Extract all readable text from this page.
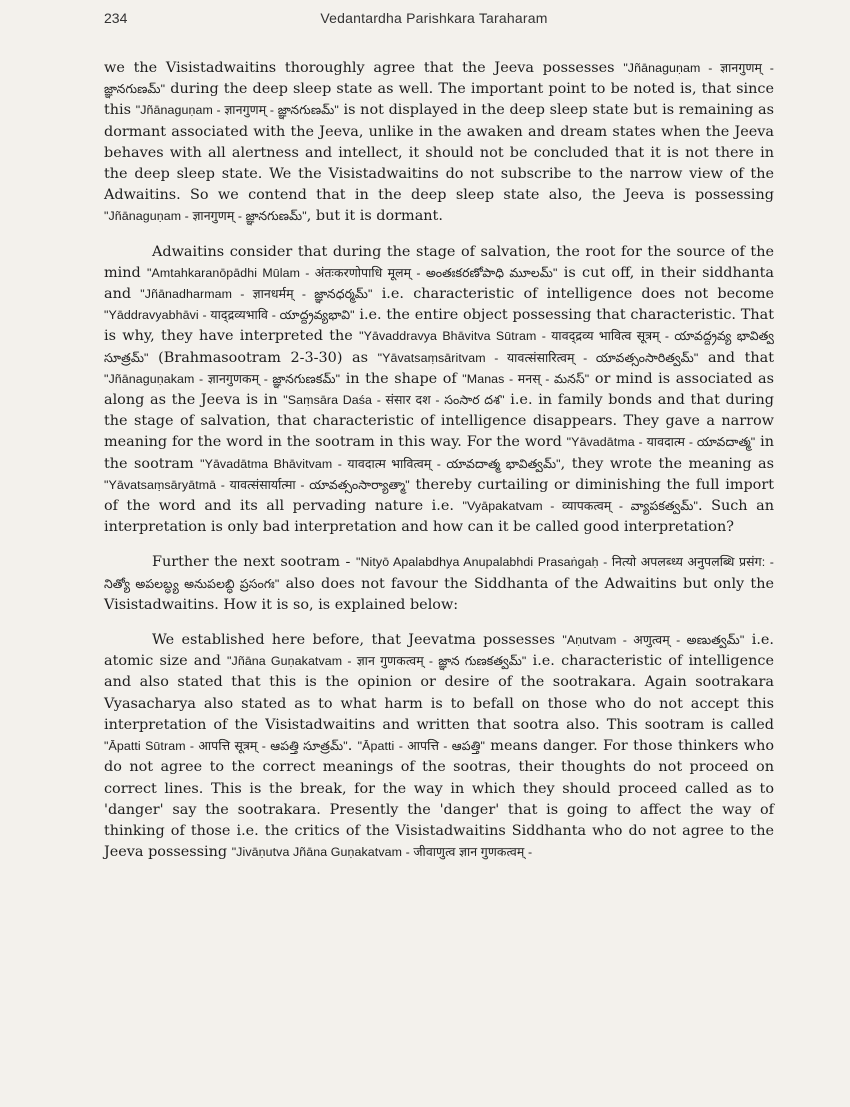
234	Vedantardha Parishkara Taraharam

we the Visistadwaitins thoroughly agree that the Jeeva possesses "Jñānaguṇam - ज्ञानगुणम् - జ్ఞానగుణమ్" during the deep sleep state as well. The important point to be noted is, that since this "Jñānaguṇam - ज्ञानगुणम् - జ్ఞానగుణమ్" is not displayed in the deep sleep state but is remaining as dormant associated with the Jeeva, unlike in the awaken and dream states when the Jeeva behaves with all alertness and intellect, it should not be concluded that it is not there in the deep sleep state. We the Visistadwaitins do not subscribe to the narrow view of the Adwaitins. So we contend that in the deep sleep state also, the Jeeva is possessing "Jñānaguṇam - ज्ञानगुणम् - జ్ఞానగుణమ్", but it is dormant.

Adwaitins consider that during the stage of salvation, the root for the source of the mind "Amtahkaranōpādhi Mūlam - अंतःकरणोपाधि मूलम् - అంతఃకరణోపాధి మూలమ్" is cut off, in their siddhanta and "Jñānadharmam - ज्ञानधर्मम् - జ్ఞానధర్మమ్" i.e. characteristic of intelligence does not become "Yāddravyabhāvi - याद्द्रव्यभावि - యాద్ద్రవ్యభావి" i.e. the entire object possessing that characteristic. That is why, they have interpreted the "Yāvaddravya Bhāvitva Sūtram - यावद्द्रव्य भावित्व सूत्रम् - యావద్ద్రవ్య భావిత్వ సూత్రమ్" (Brahmasootram 2-3-30) as "Yāvatsaṃsāritvam - यावत्संसारित्वम् - యావత్సంసారిత్వమ్" and that "Jñānaguṇakam - ज्ञानगुणकम् - జ్ఞానగుణకమ్" in the shape of "Manas - मनस् - మనస్" or mind is associated as along as the Jeeva is in "Saṃsāra Daśa - संसार दश - సంసార దశ" i.e. in family bonds and that during the stage of salvation, that characteristic of intelligence disappears. They gave a narrow meaning for the word in the sootram in this way. For the word "Yāvadātma - यावदात्म - యావదాత్మ" in the sootram "Yāvadātma Bhāvitvam - यावदात्म भावित्वम् - యావదాత్మ భావిత్వమ్", they wrote the meaning as "Yāvatsaṃsāryātmā - यावत्संसार्यात्मा - యావత్సంసార్యాత్మా" thereby curtailing or diminishing the full import of the word and its all pervading nature i.e. "Vyāpakatvam - व्यापकत्वम् - వ్యాపకత్వమ్". Such an interpretation is only bad interpretation and how can it be called good interpretation?

Further the next sootram - "Nityō Apalabdhya Anupalabhdi Prasaṅgaḥ - नित्यो अपलब्ध्य अनुपलब्धि प्रसंग: - నిత్యో అపలబ్ధ్య అనుపలబ్ధి ప్రసంగః" also does not favour the Siddhanta of the Adwaitins but only the Visistadwaitins. How it is so, is explained below:

We established here before, that Jeevatma possesses "Aṇutvam - अणुत्वम् - అణుత్వమ్" i.e. atomic size and "Jñāna Guṇakatvam - ज्ञान गुणकत्वम् - జ్ఞాన గుణకత్వమ్" i.e. characteristic of intelligence and also stated that this is the opinion or desire of the sootrakara. Again sootrakara Vyasacharya also stated as to what harm is to befall on those who do not accept this interpretation of the Visistadwaitins and written that sootra also. This sootram is called "Āpatti Sūtram - आपत्ति सूत्रम् - ఆపత్తి సూత్రమ్". "Āpatti - आपत्ति - ఆపత్తి" means danger. For those thinkers who do not agree to the correct meanings of the sootras, their thoughts do not proceed on correct lines. This is the break, for the way in which they should proceed called as to 'danger' say the sootrakara. Presently the 'danger' that is going to affect the way of thinking of those i.e. the critics of the Visistadwaitins Siddhanta who do not agree to the Jeeva possessing "Jivāṇutva Jñāna Guṇakatvam - जीवाणुत्व ज्ञान गुणकत्वम् -
